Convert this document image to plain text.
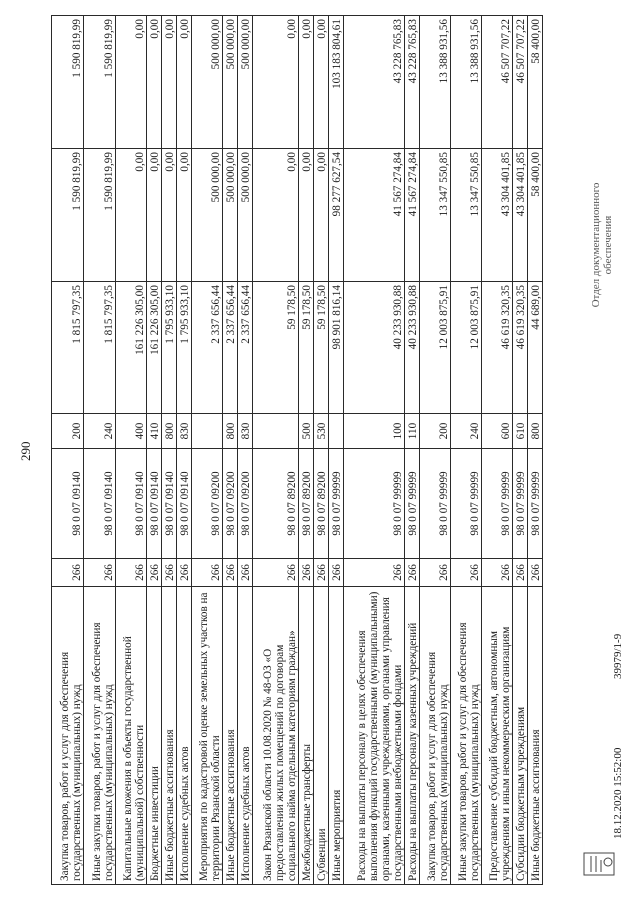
290
Закупка товаров, работ и услуг для обеспечения государственных (муниципальных) нужд	266	98 0 07 09140	200	1 815 797,35	1 590 819,99	1 590 819,99
Иные закупки товаров, работ и услуг для обеспечения государственных (муниципальных) нужд	266	98 0 07 09140	240	1 815 797,35	1 590 819,99	1 590 819,99
Капитальные вложения в объекты государственной (муниципальной) собственности	266	98 0 07 09140	400	161 226 305,00	0,00	0,00
Бюджетные инвестиции	266	98 0 07 09140	410	161 226 305,00	0,00	0,00
Иные бюджетные ассигнования	266	98 0 07 09140	800	1 795 933,10	0,00	0,00
Исполнение судебных актов	266	98 0 07 09140	830	1 795 933,10	0,00	0,00
Мероприятия по кадастровой оценке земельных участков на территории Рязанской области	266	98 0 07 09200		2 337 656,44	500 000,00	500 000,00
Иные бюджетные ассигнования	266	98 0 07 09200	800	2 337 656,44	500 000,00	500 000,00
Исполнение судебных актов	266	98 0 07 09200	830	2 337 656,44	500 000,00	500 000,00
Закон Рязанской области 10.08.2020 № 48-ОЗ «О предоставлении жилых помещений по договорам социального найма отдельным категориям граждан»	266	98 0 07 89200		59 178,50	0,00	0,00
Межбюджетные трансферты	266	98 0 07 89200	500	59 178,50	0,00	0,00
Субвенции	266	98 0 07 89200	530	59 178,50	0,00	0,00
Иные мероприятия	266	98 0 07 99999		98 901 816,14	98 277 627,54	103 183 804,61
Расходы на выплаты персоналу в целях обеспечения выполнения функций государственными (муниципальными) органами, казенными учреждениями, органами управления государственными внебюджетными фондами	266	98 0 07 99999	100	40 233 930,88	41 567 274,84	43 228 765,83
Расходы на выплаты персоналу казенных учреждений	266	98 0 07 99999	110	40 233 930,88	41 567 274,84	43 228 765,83
Закупка товаров, работ и услуг для обеспечения государственных (муниципальных) нужд	266	98 0 07 99999	200	12 003 875,91	13 347 550,85	13 388 931,56
Иные закупки товаров, работ и услуг для обеспечения государственных (муниципальных) нужд	266	98 0 07 99999	240	12 003 875,91	13 347 550,85	13 388 931,56
Предоставление субсидий бюджетным, автономным учреждениям и иным некоммерческим организациям	266	98 0 07 99999	600	46 619 320,35	43 304 401,85	46 507 707,22
Субсидии бюджетным учреждениям	266	98 0 07 99999	610	46 619 320,35	43 304 401,85	46 507 707,22
Иные бюджетные ассигнования	266	98 0 07 99999	800	44 689,00	58 400,00	58 400,00
18.12.2020 15:52:00
39979/1-9
Отдел документационного обеспечения
